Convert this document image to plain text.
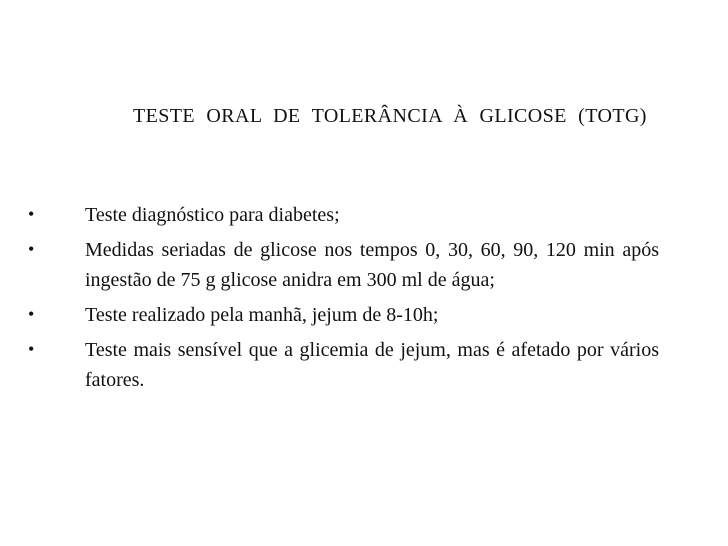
TESTE ORAL DE TOLERÂNCIA À GLICOSE (TOTG)
•	Teste diagnóstico para diabetes;
•	Medidas seriadas de glicose nos tempos 0, 30, 60, 90, 120 min após ingestão de 75 g glicose anidra em 300 ml de água;
•	Teste realizado pela manhã, jejum de 8-10h;
•	Teste mais sensível que a glicemia de jejum, mas é afetado por vários fatores.
